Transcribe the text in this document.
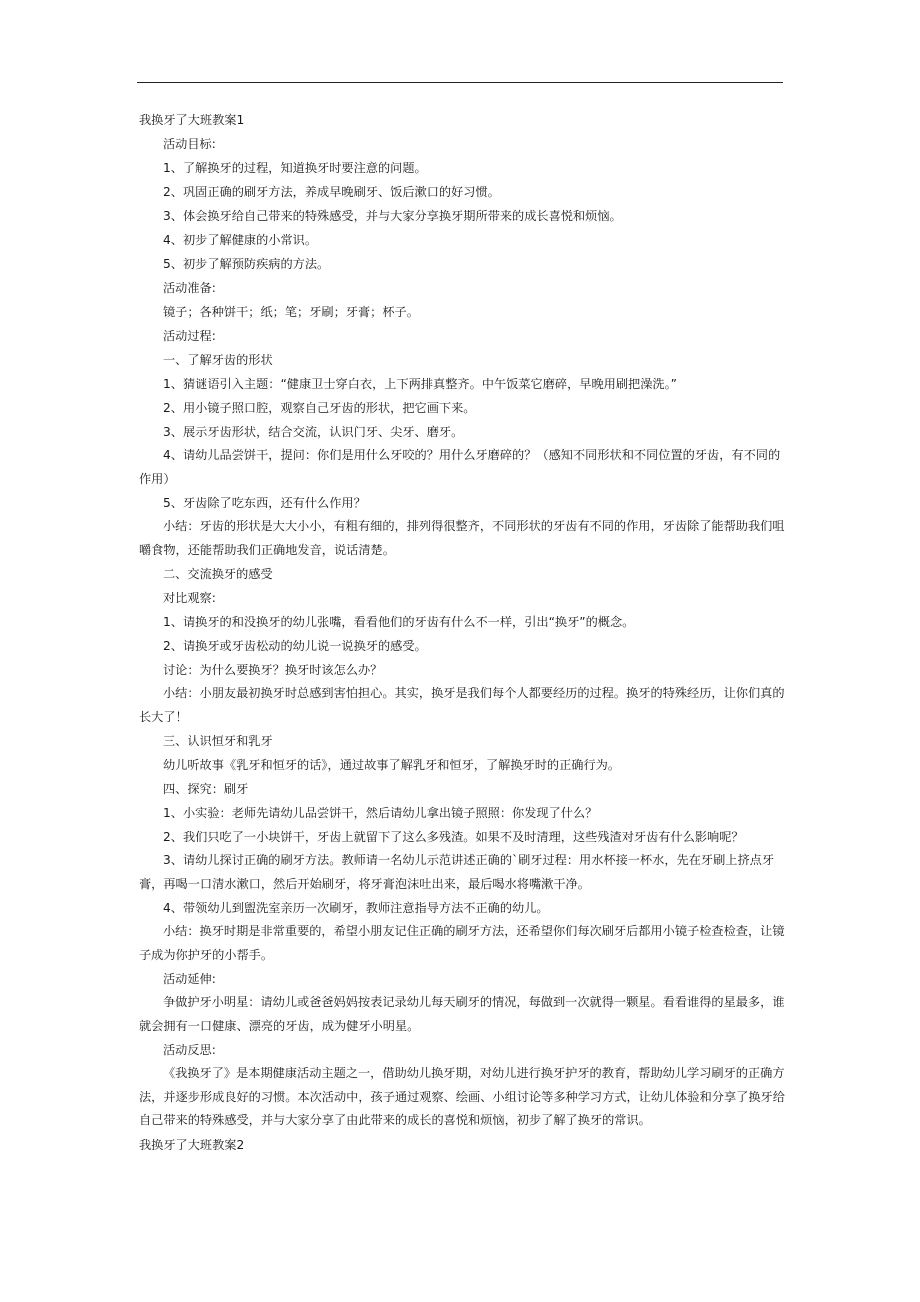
我换牙了大班教案1

活动目标:

1、了解换牙的过程，知道换牙时要注意的问题。

2、巩固正确的刷牙方法，养成早晚刷牙、饭后漱口的好习惯。

3、体会换牙给自己带来的特殊感受，并与大家分享换牙期所带来的成长喜悦和烦恼。

4、初步了解健康的小常识。

5、初步了解预防疾病的方法。

活动准备:

镜子；各种饼干；纸；笔；牙刷；牙膏；杯子。

活动过程:

一、了解牙齿的形状

1、猜谜语引入主题：“健康卫士穿白衣，上下两排真整齐。中午饭菜它磨碎，早晚用刷把澡洗。”

2、用小镜子照口腔，观察自己牙齿的形状，把它画下来。

3、展示牙齿形状，结合交流，认识门牙、尖牙、磨牙。

4、请幼儿品尝饼干，提问：你们是用什么牙咬的？用什么牙磨碎的？（感知不同形状和不同位置的牙齿，有不同的作用）

5、牙齿除了吃东西，还有什么作用？

小结：牙齿的形状是大大小小，有粗有细的，排列得很整齐，不同形状的牙齿有不同的作用，牙齿除了能帮助我们咀嚼食物，还能帮助我们正确地发音，说话清楚。

二、交流换牙的感受

对比观察:

1、请换牙的和没换牙的幼儿张嘴，看看他们的牙齿有什么不一样，引出“换牙”的概念。

2、请换牙或牙齿松动的幼儿说一说换牙的感受。

讨论：为什么要换牙？换牙时该怎么办？

小结：小朋友最初换牙时总感到害怕担心。其实，换牙是我们每个人都要经历的过程。换牙的特殊经历，让你们真的长大了！

三、认识恒牙和乳牙

幼儿听故事《乳牙和恒牙的话》，通过故事了解乳牙和恒牙，了解换牙时的正确行为。

四、探究：刷牙

1、小实验：老师先请幼儿品尝饼干，然后请幼儿拿出镜子照照：你发现了什么？

2、我们只吃了一小块饼干，牙齿上就留下了这么多残渣。如果不及时清理，这些残渣对牙齿有什么影响呢？

3、请幼儿探讨正确的刷牙方法。教师请一名幼儿示范讲述正确的`刷牙过程：用水杯接一杯水，先在牙刷上挤点牙膏，再喝一口清水漱口，然后开始刷牙，将牙膏泡沫吐出来，最后喝水将嘴漱干净。

4、带领幼儿到盥洗室亲历一次刷牙，教师注意指导方法不正确的幼儿。

小结：换牙时期是非常重要的，希望小朋友记住正确的刷牙方法，还希望你们每次刷牙后都用小镜子检查检查，让镜子成为你护牙的小帮手。

活动延伸:

争做护牙小明星：请幼儿或爸爸妈妈按表记录幼儿每天刷牙的情况，每做到一次就得一颗星。看看谁得的星最多，谁就会拥有一口健康、漂亮的牙齿，成为健牙小明星。

活动反思:

《我换牙了》是本期健康活动主题之一，借助幼儿换牙期，对幼儿进行换牙护牙的教育，帮助幼儿学习刷牙的正确方法，并逐步形成良好的习惯。本次活动中，孩子通过观察、绘画、小组讨论等多种学习方式，让幼儿体验和分享了换牙给自己带来的特殊感受，并与大家分享了由此带来的成长的喜悦和烦恼，初步了解了换牙的常识。

我换牙了大班教案2
